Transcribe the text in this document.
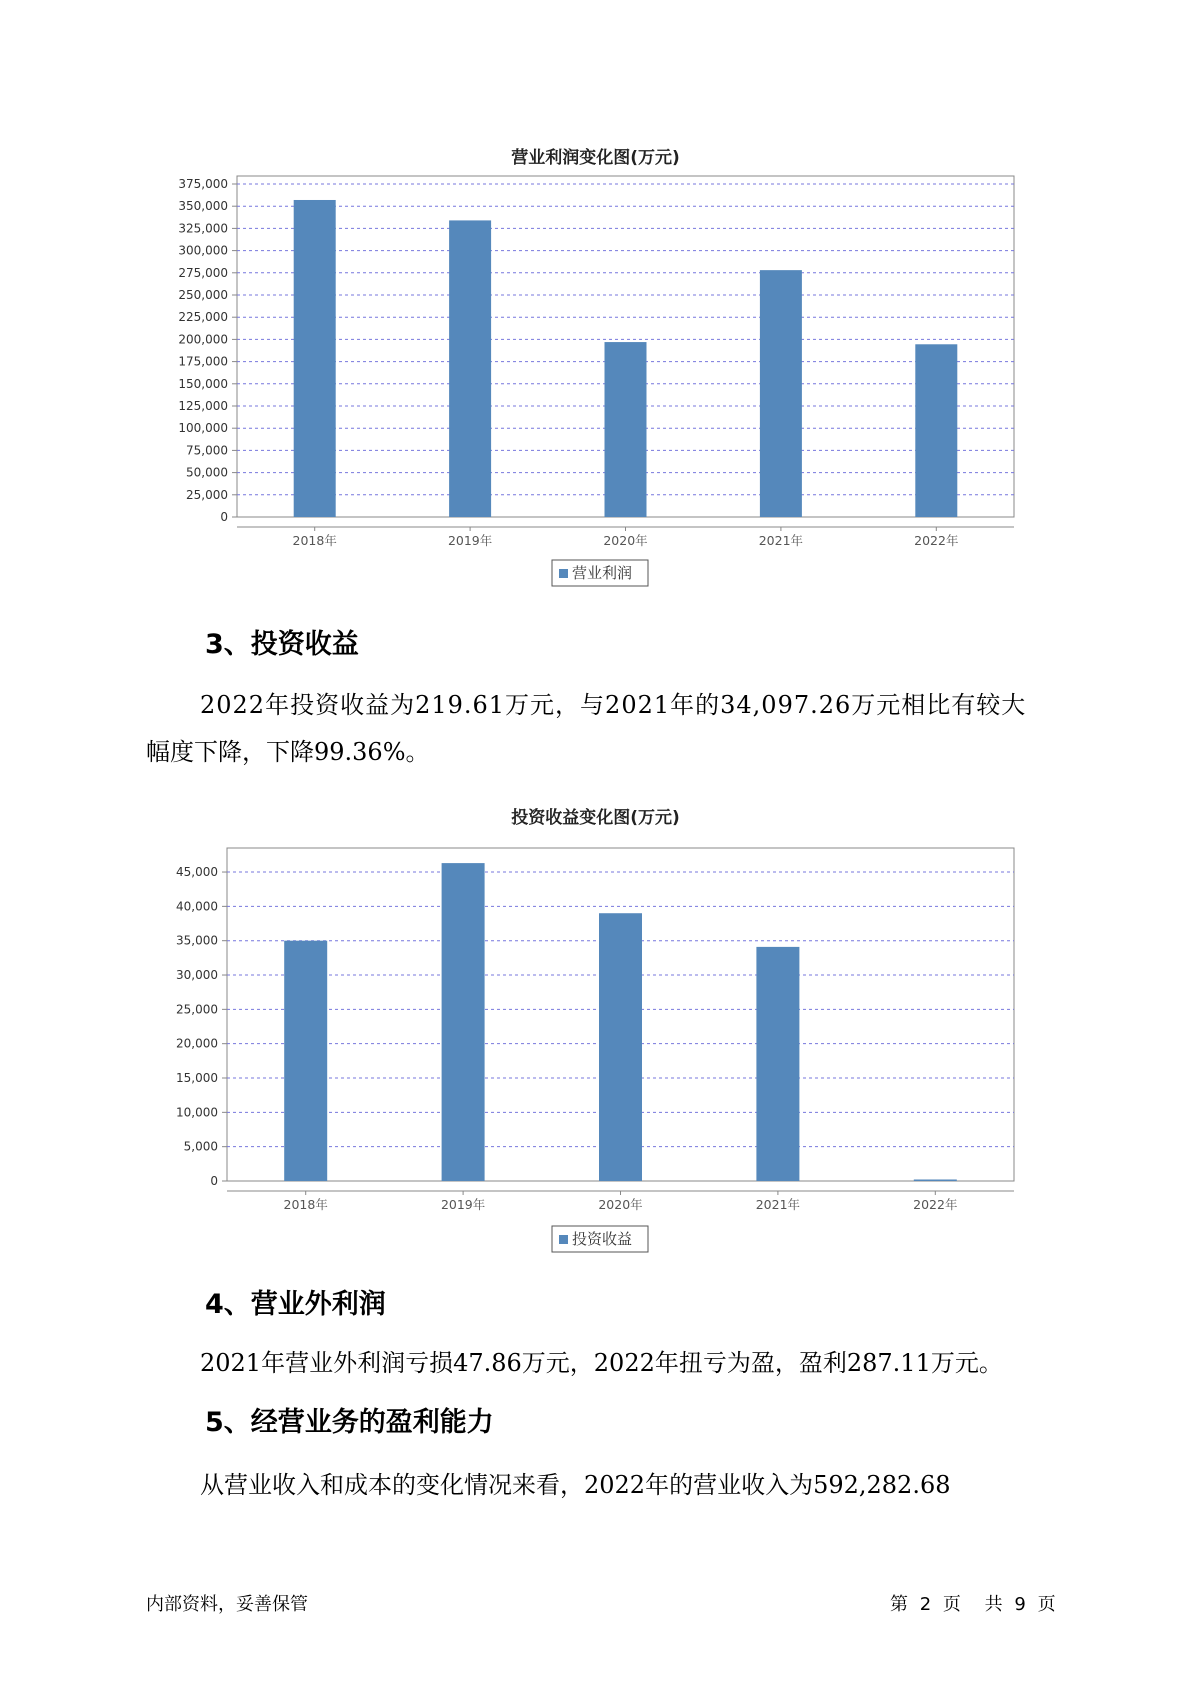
营业利润变化图(万元)
0
25,000
50,000
75,000
100,000
125,000
150,000
175,000
200,000
225,000
250,000
275,000
300,000
325,000
350,000
375,000
2018年	2019年	2020年	2021年	2022年
营业利润
3、投资收益
2022年投资收益为219.61万元，与2021年的34,097.26万元相比有较大
幅度下降，下降99.36%。
投资收益变化图(万元)
0
5,000
10,000
15,000
20,000
25,000
30,000
35,000
40,000
45,000
2018年	2019年	2020年	2021年	2022年
投资收益
4、营业外利润
2021年营业外利润亏损47.86万元，2022年扭亏为盈，盈利287.11万元。
5、经营业务的盈利能力
从营业收入和成本的变化情况来看，2022年的营业收入为592,282.68
内部资料，妥善保管	第 2 页 共 9 页
